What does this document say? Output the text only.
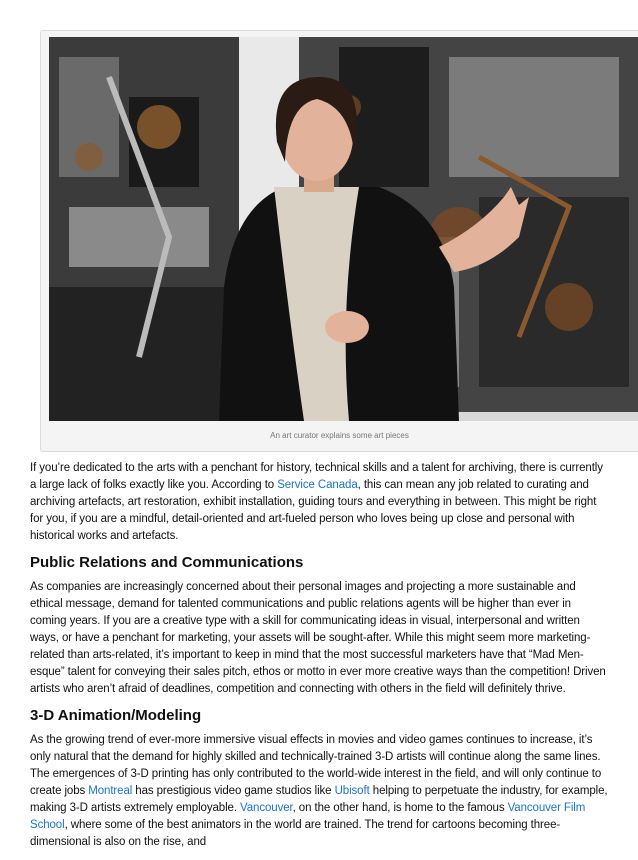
An art curator explains some art pieces

If you’re dedicated to the arts with a penchant for history, technical skills and a talent for archiving, there is currently a large lack of folks exactly like you. According to Service Canada, this can mean any job related to curating and archiving artefacts, art restoration, exhibit installation, guiding tours and everything in between. This might be right for you, if you are a mindful, detail-oriented and art-fueled person who loves being up close and personal with historical works and artefacts.

Public Relations and Communications

As companies are increasingly concerned about their personal images and projecting a more sustainable and ethical message, demand for talented communications and public relations agents will be higher than ever in coming years. If you are a creative type with a skill for communicating ideas in visual, interpersonal and written ways, or have a penchant for marketing, your assets will be sought-after. While this might seem more marketing-related than arts-related, it’s important to keep in mind that the most successful marketers have that “Mad Men-esque” talent for conveying their sales pitch, ethos or motto in ever more creative ways than the competition! Driven artists who aren’t afraid of deadlines, competition and connecting with others in the field will definitely thrive.

3-D Animation/Modeling

As the growing trend of ever-more immersive visual effects in movies and video games continues to increase, it’s only natural that the demand for highly skilled and technically-trained 3-D artists will continue along the same lines. The emergences of 3-D printing has only contributed to the world-wide interest in the field, and will only continue to create jobs Montreal has prestigious video game studios like Ubisoft helping to perpetuate the industry, for example, making 3-D artists extremely employable. Vancouver, on the other hand, is home to the famous Vancouver Film School, where some of the best animators in the world are trained. The trend for cartoons becoming three-dimensional is also on the rise, and
